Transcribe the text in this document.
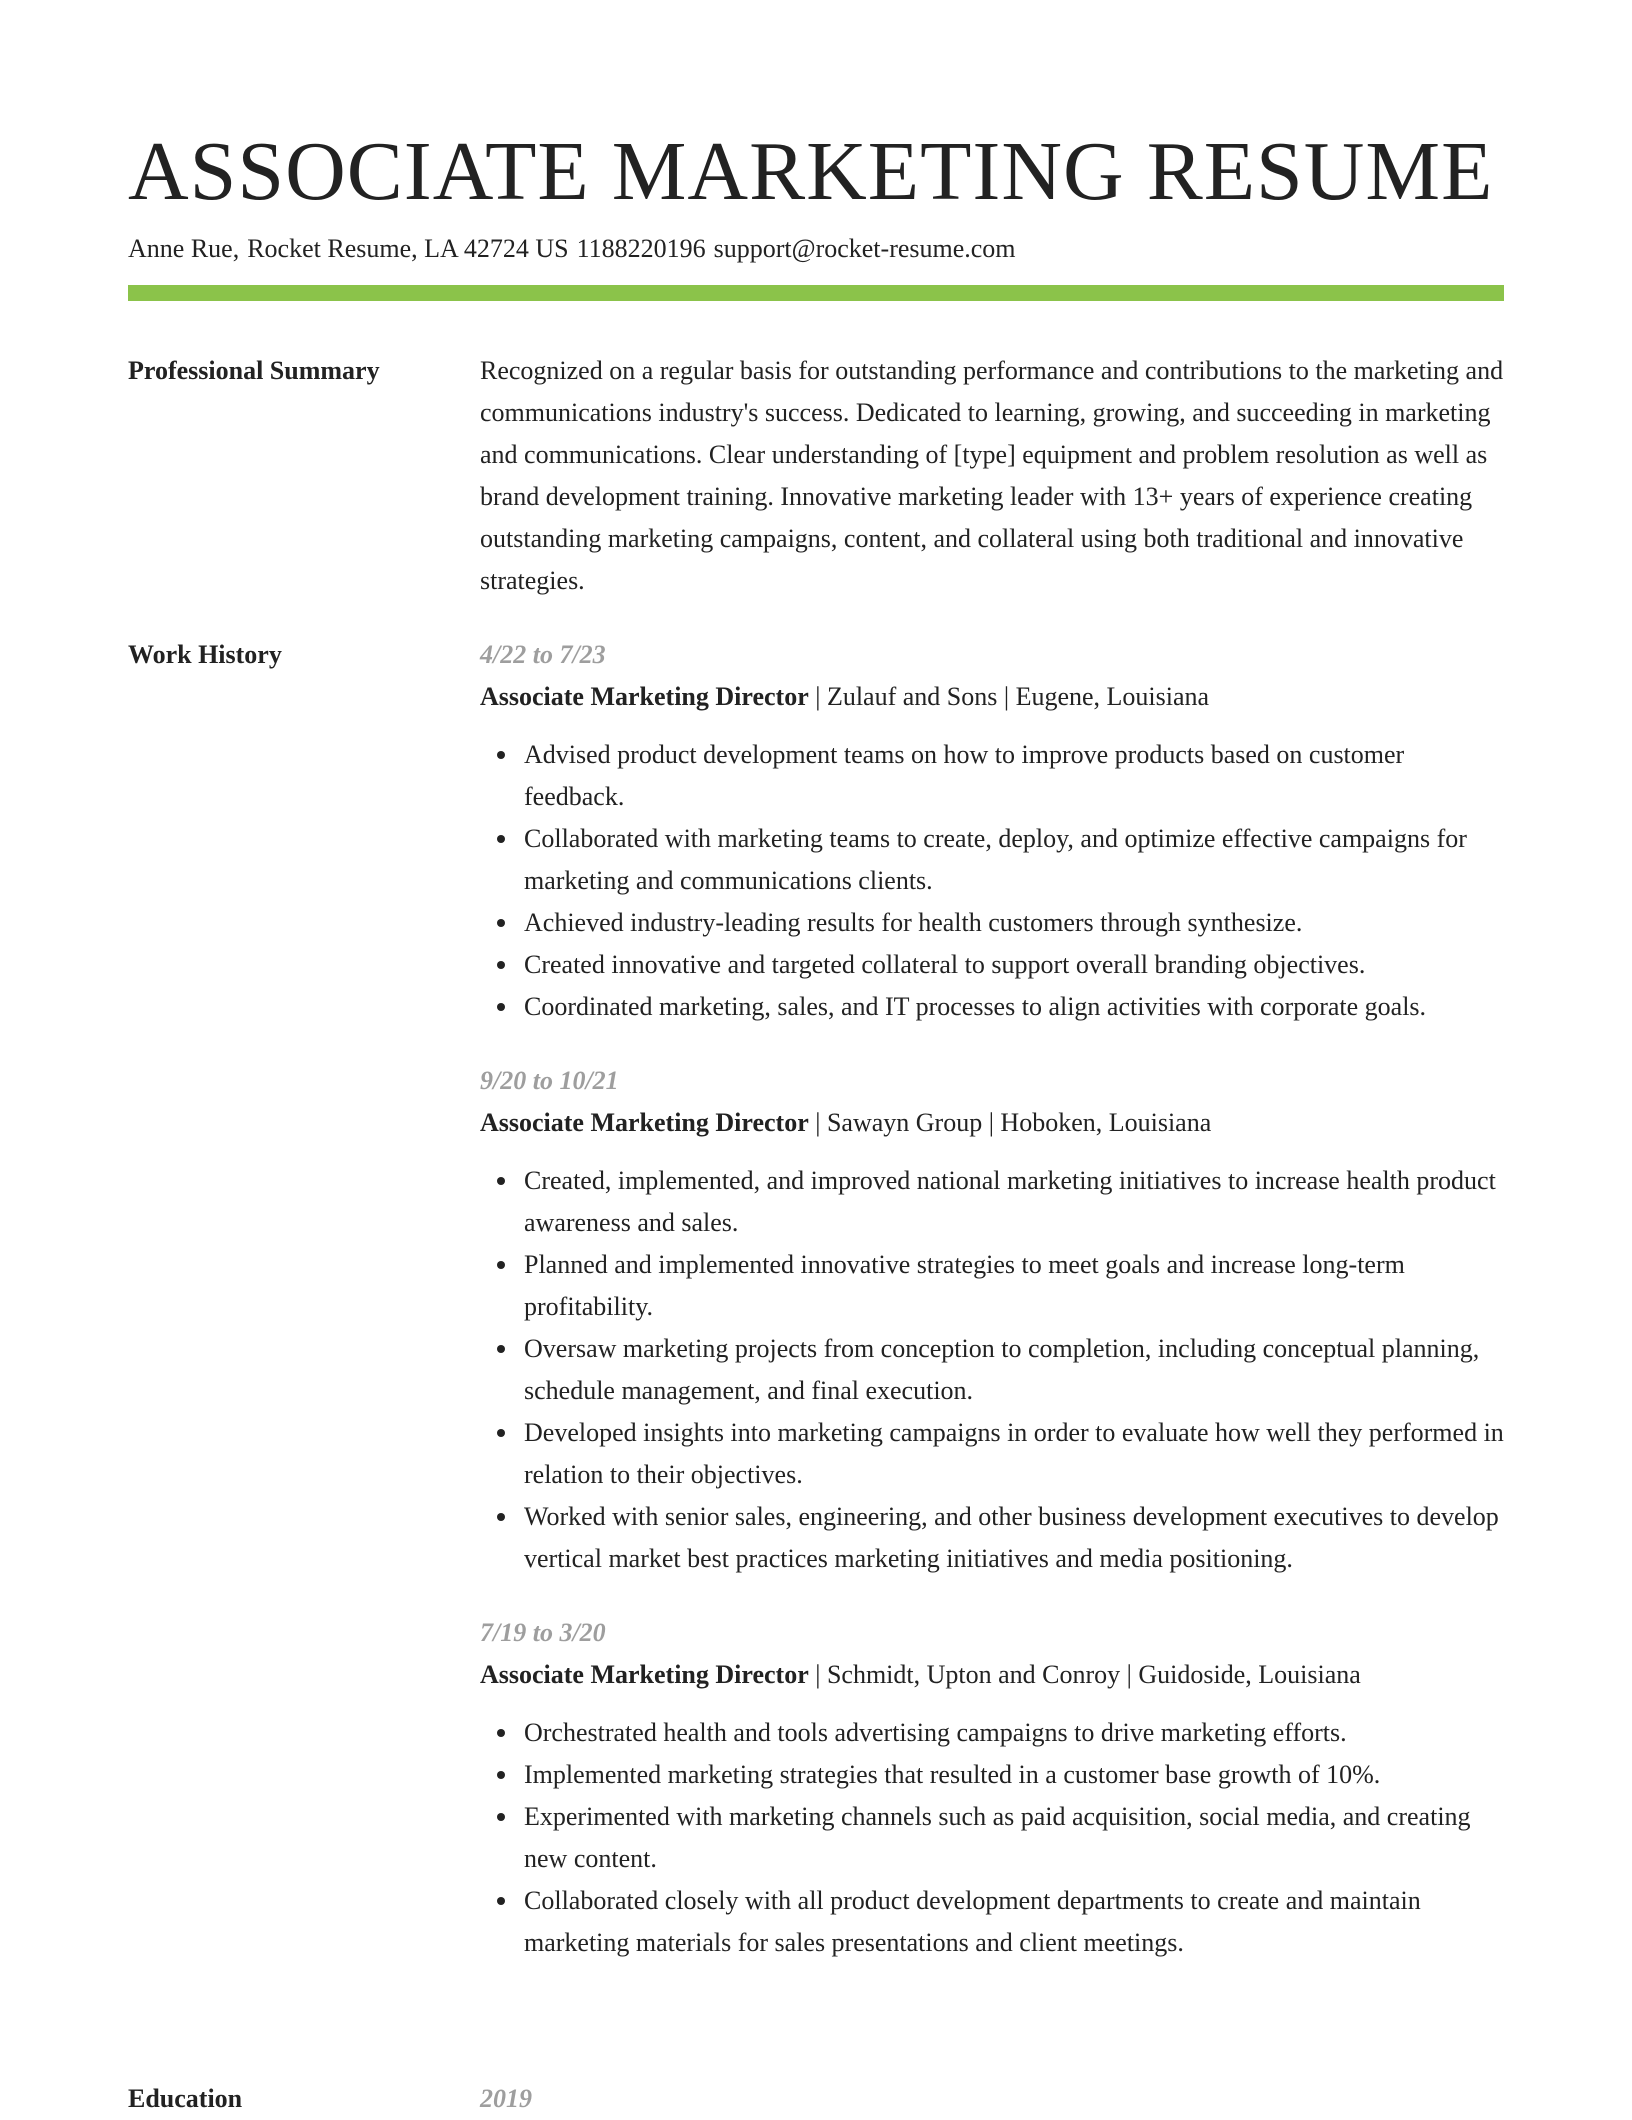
ASSOCIATE MARKETING RESUME
Anne Rue, Rocket Resume, LA 42724 US 1188220196 support@rocket-resume.com
Professional Summary	Recognized on a regular basis for outstanding performance and contributions to the marketing and communications industry's success. Dedicated to learning, growing, and succeeding in marketing and communications. Clear understanding of [type] equipment and problem resolution as well as brand development training. Innovative marketing leader with 13+ years of experience creating outstanding marketing campaigns, content, and collateral using both traditional and innovative strategies.

Work History	4/22 to 7/23
Associate Marketing Director | Zulauf and Sons | Eugene, Louisiana
Advised product development teams on how to improve products based on customer feedback.
Collaborated with marketing teams to create, deploy, and optimize effective campaigns for marketing and communications clients.
Achieved industry-leading results for health customers through synthesize.
Created innovative and targeted collateral to support overall branding objectives.
Coordinated marketing, sales, and IT processes to align activities with corporate goals.
9/20 to 10/21
Associate Marketing Director | Sawayn Group | Hoboken, Louisiana
Created, implemented, and improved national marketing initiatives to increase health product awareness and sales.
Planned and implemented innovative strategies to meet goals and increase long-term profitability.
Oversaw marketing projects from conception to completion, including conceptual planning, schedule management, and final execution.
Developed insights into marketing campaigns in order to evaluate how well they performed in relation to their objectives.
Worked with senior sales, engineering, and other business development executives to develop vertical market best practices marketing initiatives and media positioning.
7/19 to 3/20
Associate Marketing Director | Schmidt, Upton and Conroy | Guidoside, Louisiana
Orchestrated health and tools advertising campaigns to drive marketing efforts.
Implemented marketing strategies that resulted in a customer base growth of 10%.
Experimented with marketing channels such as paid acquisition, social media, and creating new content.
Collaborated closely with all product development departments to create and maintain marketing materials for sales presentations and client meetings.
Education	2019
